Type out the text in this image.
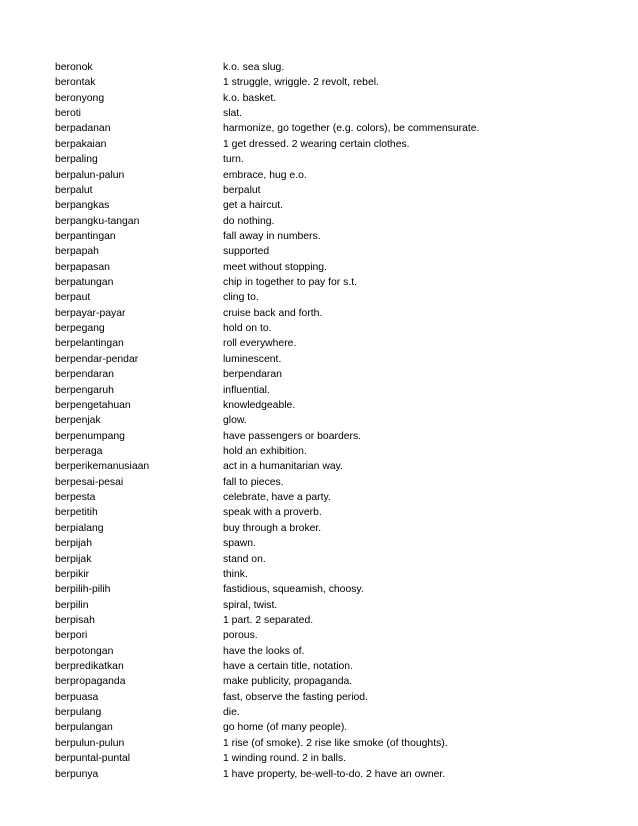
beronok	k.o. sea slug.
berontak	1 struggle, wriggle. 2 revolt, rebel.
beronyong	k.o. basket.
beroti	slat.
berpadanan	harmonize, go together (e.g. colors), be commensurate.
berpakaian	1 get dressed. 2 wearing certain clothes.
berpaling	turn.
berpalun-palun	embrace, hug e.o.
berpalut	berpalut
berpangkas	get a haircut.
berpangku-tangan	do nothing.
berpantingan	fall away in numbers.
berpapah	supported
berpapasan	meet without stopping.
berpatungan	chip in together to pay for s.t.
berpaut	cling to.
berpayar-payar	cruise back and forth.
berpegang	hold on to.
berpelantingan	roll everywhere.
berpendar-pendar	luminescent.
berpendaran	berpendaran
berpengaruh	influential.
berpengetahuan	knowledgeable.
berpenjak	glow.
berpenumpang	have passengers or boarders.
berperaga	hold an exhibition.
berperikemanusiaan	act in a humanitarian way.
berpesai-pesai	fall to pieces.
berpesta	celebrate, have a party.
berpetitih	speak with a proverb.
berpialang	buy through a broker.
berpijah	spawn.
berpijak	stand on.
berpikir	think.
berpilih-pilih	fastidious, squeamish, choosy.
berpilin	spiral, twist.
berpisah	1 part. 2 separated.
berpori	porous.
berpotongan	have the looks of.
berpredikatkan	have a certain title, notation.
berpropaganda	make publicity, propaganda.
berpuasa	fast, observe the fasting period.
berpulang	die.
berpulangan	go home (of many people).
berpulun-pulun	1 rise (of smoke). 2 rise like smoke (of thoughts).
berpuntal-puntal	1 winding round. 2 in balls.
berpunya	1 have property, be-well-to-do. 2 have an owner.
